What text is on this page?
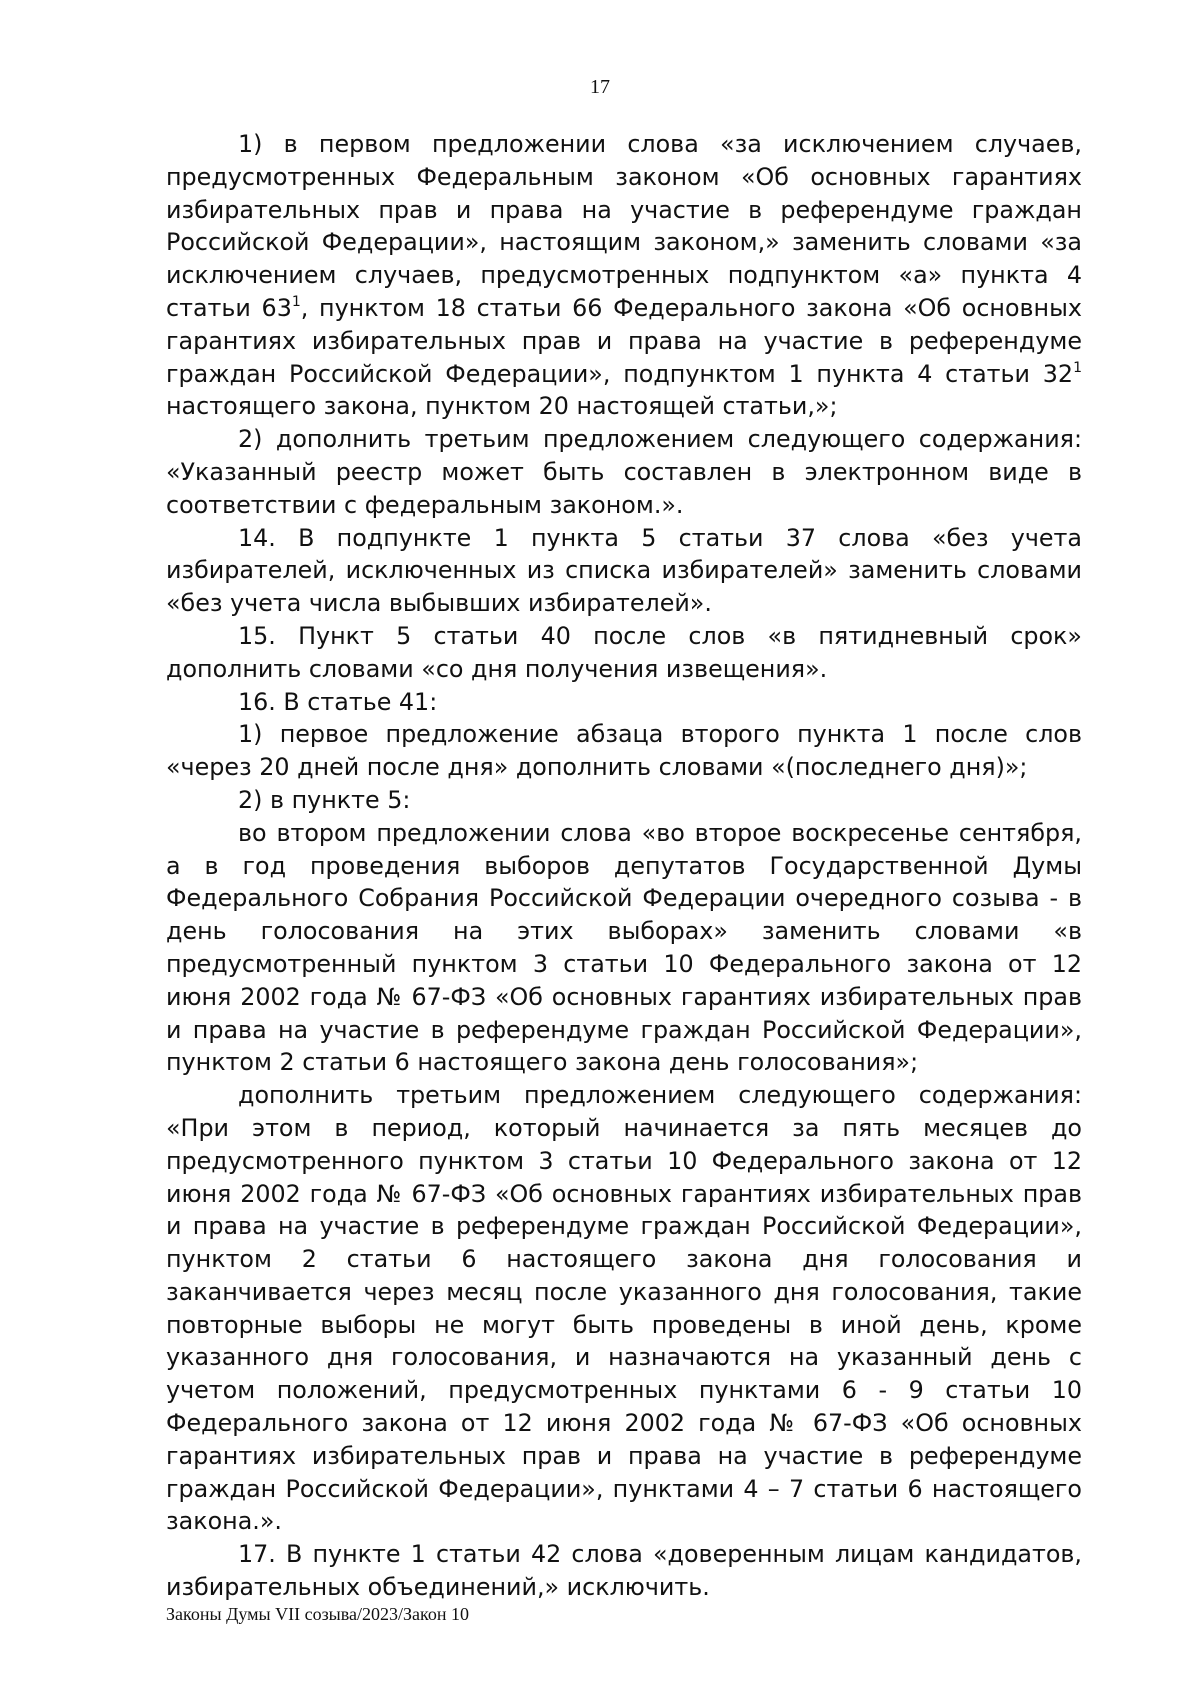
17

1) в первом предложении слова «за исключением случаев, предусмотренных Федеральным законом «Об основных гарантиях избирательных прав и права на участие в референдуме граждан Российской Федерации», настоящим законом,» заменить словами «за исключением случаев, предусмотренных подпунктом «а» пункта 4 статьи $63^1$, пунктом 18 статьи 66 Федерального закона «Об основных гарантиях избирательных прав и права на участие в референдуме граждан Российской Федерации», подпунктом 1 пункта 4 статьи $32^1$ настоящего закона, пунктом 20 настоящей статьи,»;

2) дополнить третьим предложением следующего содержания: «Указанный реестр может быть составлен в электронном виде в соответствии с федеральным законом.».

14. В подпункте 1 пункта 5 статьи 37 слова «без учета избирателей, исключенных из списка избирателей» заменить словами «без учета числа выбывших избирателей».

15. Пункт 5 статьи 40 после слов «в пятидневный срок» дополнить словами «со дня получения извещения».

16. В статье 41:

1) первое предложение абзаца второго пункта 1 после слов «через 20 дней после дня» дополнить словами «(последнего дня)»;

2) в пункте 5:

во втором предложении слова «во второе воскресенье сентября, а в год проведения выборов депутатов Государственной Думы Федерального Собрания Российской Федерации очередного созыва - в день голосования на этих выборах» заменить словами «в предусмотренный пунктом 3 статьи 10 Федерального закона от 12 июня 2002 года № 67-ФЗ «Об основных гарантиях избирательных прав и права на участие в референдуме граждан Российской Федерации», пунктом 2 статьи 6 настоящего закона день голосования»;

дополнить третьим предложением следующего содержания: «При этом в период, который начинается за пять месяцев до предусмотренного пунктом 3 статьи 10 Федерального закона от 12 июня 2002 года № 67-ФЗ «Об основных гарантиях избирательных прав и права на участие в референдуме граждан Российской Федерации», пунктом 2 статьи 6 настоящего закона дня голосования и заканчивается через месяц после указанного дня голосования, такие повторные выборы не могут быть проведены в иной день, кроме указанного дня голосования, и назначаются на указанный день с учетом положений, предусмотренных пунктами 6 - 9 статьи 10 Федерального закона от 12 июня 2002 года № 67-ФЗ «Об основных гарантиях избирательных прав и права на участие в референдуме граждан Российской Федерации», пунктами 4 – 7 статьи 6 настоящего закона.».

17. В пункте 1 статьи 42 слова «доверенным лицам кандидатов, избирательных объединений,» исключить.

Законы Думы VII созыва/2023/Закон 10
